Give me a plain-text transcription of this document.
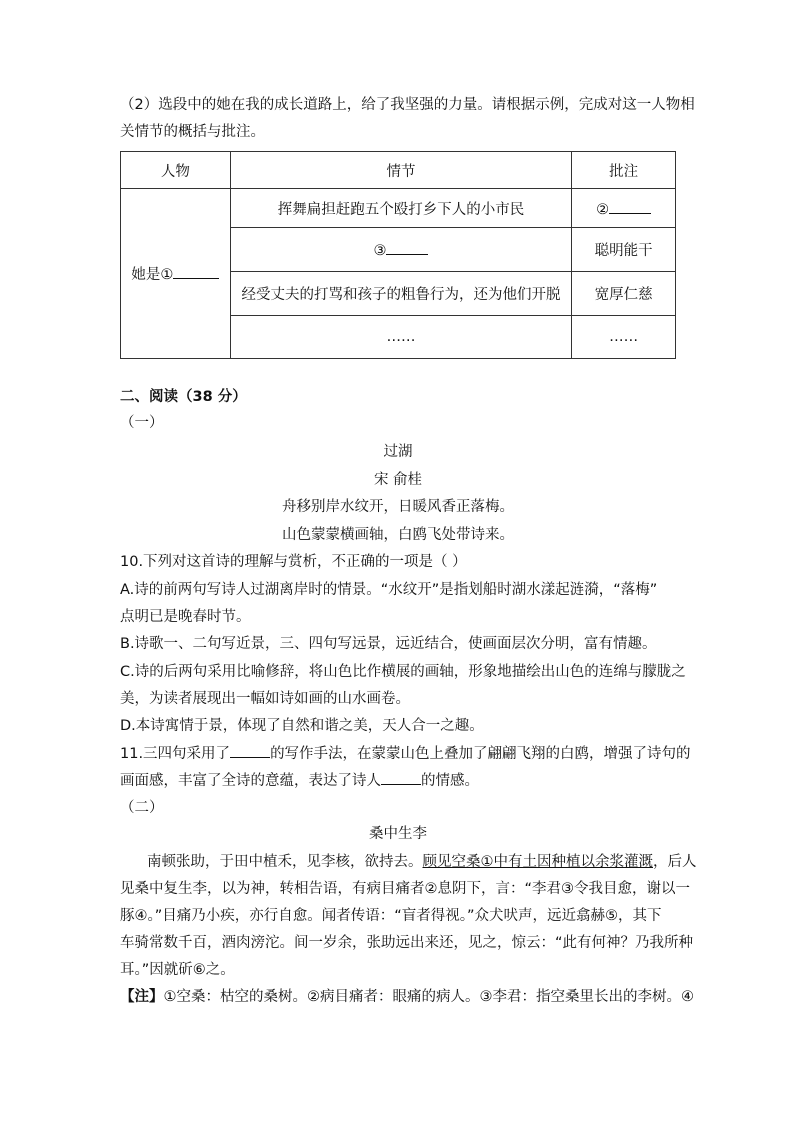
（2）选段中的她在我的成长道路上，给了我坚强的力量。请根据示例，完成对这一人物相
关情节的概括与批注。
人物	情节	批注
她是①	挥舞扁担赶跑五个殴打乡下人的小市民	②
	③	聪明能干
	经受丈夫的打骂和孩子的粗鲁行为，还为他们开脱	宽厚仁慈
	……	……
二、阅读（38 分）
（一）
过湖
宋 俞桂
舟移别岸水纹开，日暖风香正落梅。
山色蒙蒙横画轴，白鸥飞处带诗来。
10.下列对这首诗的理解与赏析，不正确的一项是（ ）
A.诗的前两句写诗人过湖离岸时的情景。“水纹开”是指划船时湖水漾起涟漪，“落梅”
点明已是晚春时节。
B.诗歌一、二句写近景，三、四句写远景，远近结合，使画面层次分明，富有情趣。
C.诗的后两句采用比喻修辞，将山色比作横展的画轴，形象地描绘出山色的连绵与朦胧之
美，为读者展现出一幅如诗如画的山水画卷。
D.本诗寓情于景，体现了自然和谐之美，天人合一之趣。
11.三四句采用了	的写作手法，在蒙蒙山色上叠加了翩翩飞翔的白鸥，增强了诗句的
画面感，丰富了全诗的意蕴，表达了诗人	的情感。
（二）
桑中生李
南顿张助，于田中植禾，见李核，欲持去。顾见空桑①中有土因种植以余浆灌溉，后人
见桑中复生李，以为神，转相告语，有病目痛者②息阴下，言：“李君③令我目愈，谢以一
豚④。”目痛乃小疾，亦行自愈。闻者传语：“盲者得视。”众犬吠声，远近翕赫⑤，其下
车骑常数千百，酒肉滂沱。间一岁余，张助远出来还，见之，惊云：“此有何神？乃我所种
耳。”因就斫⑥之。
【注】①空桑：枯空的桑树。②病目痛者：眼痛的病人。③李君：指空桑里长出的李树。④
